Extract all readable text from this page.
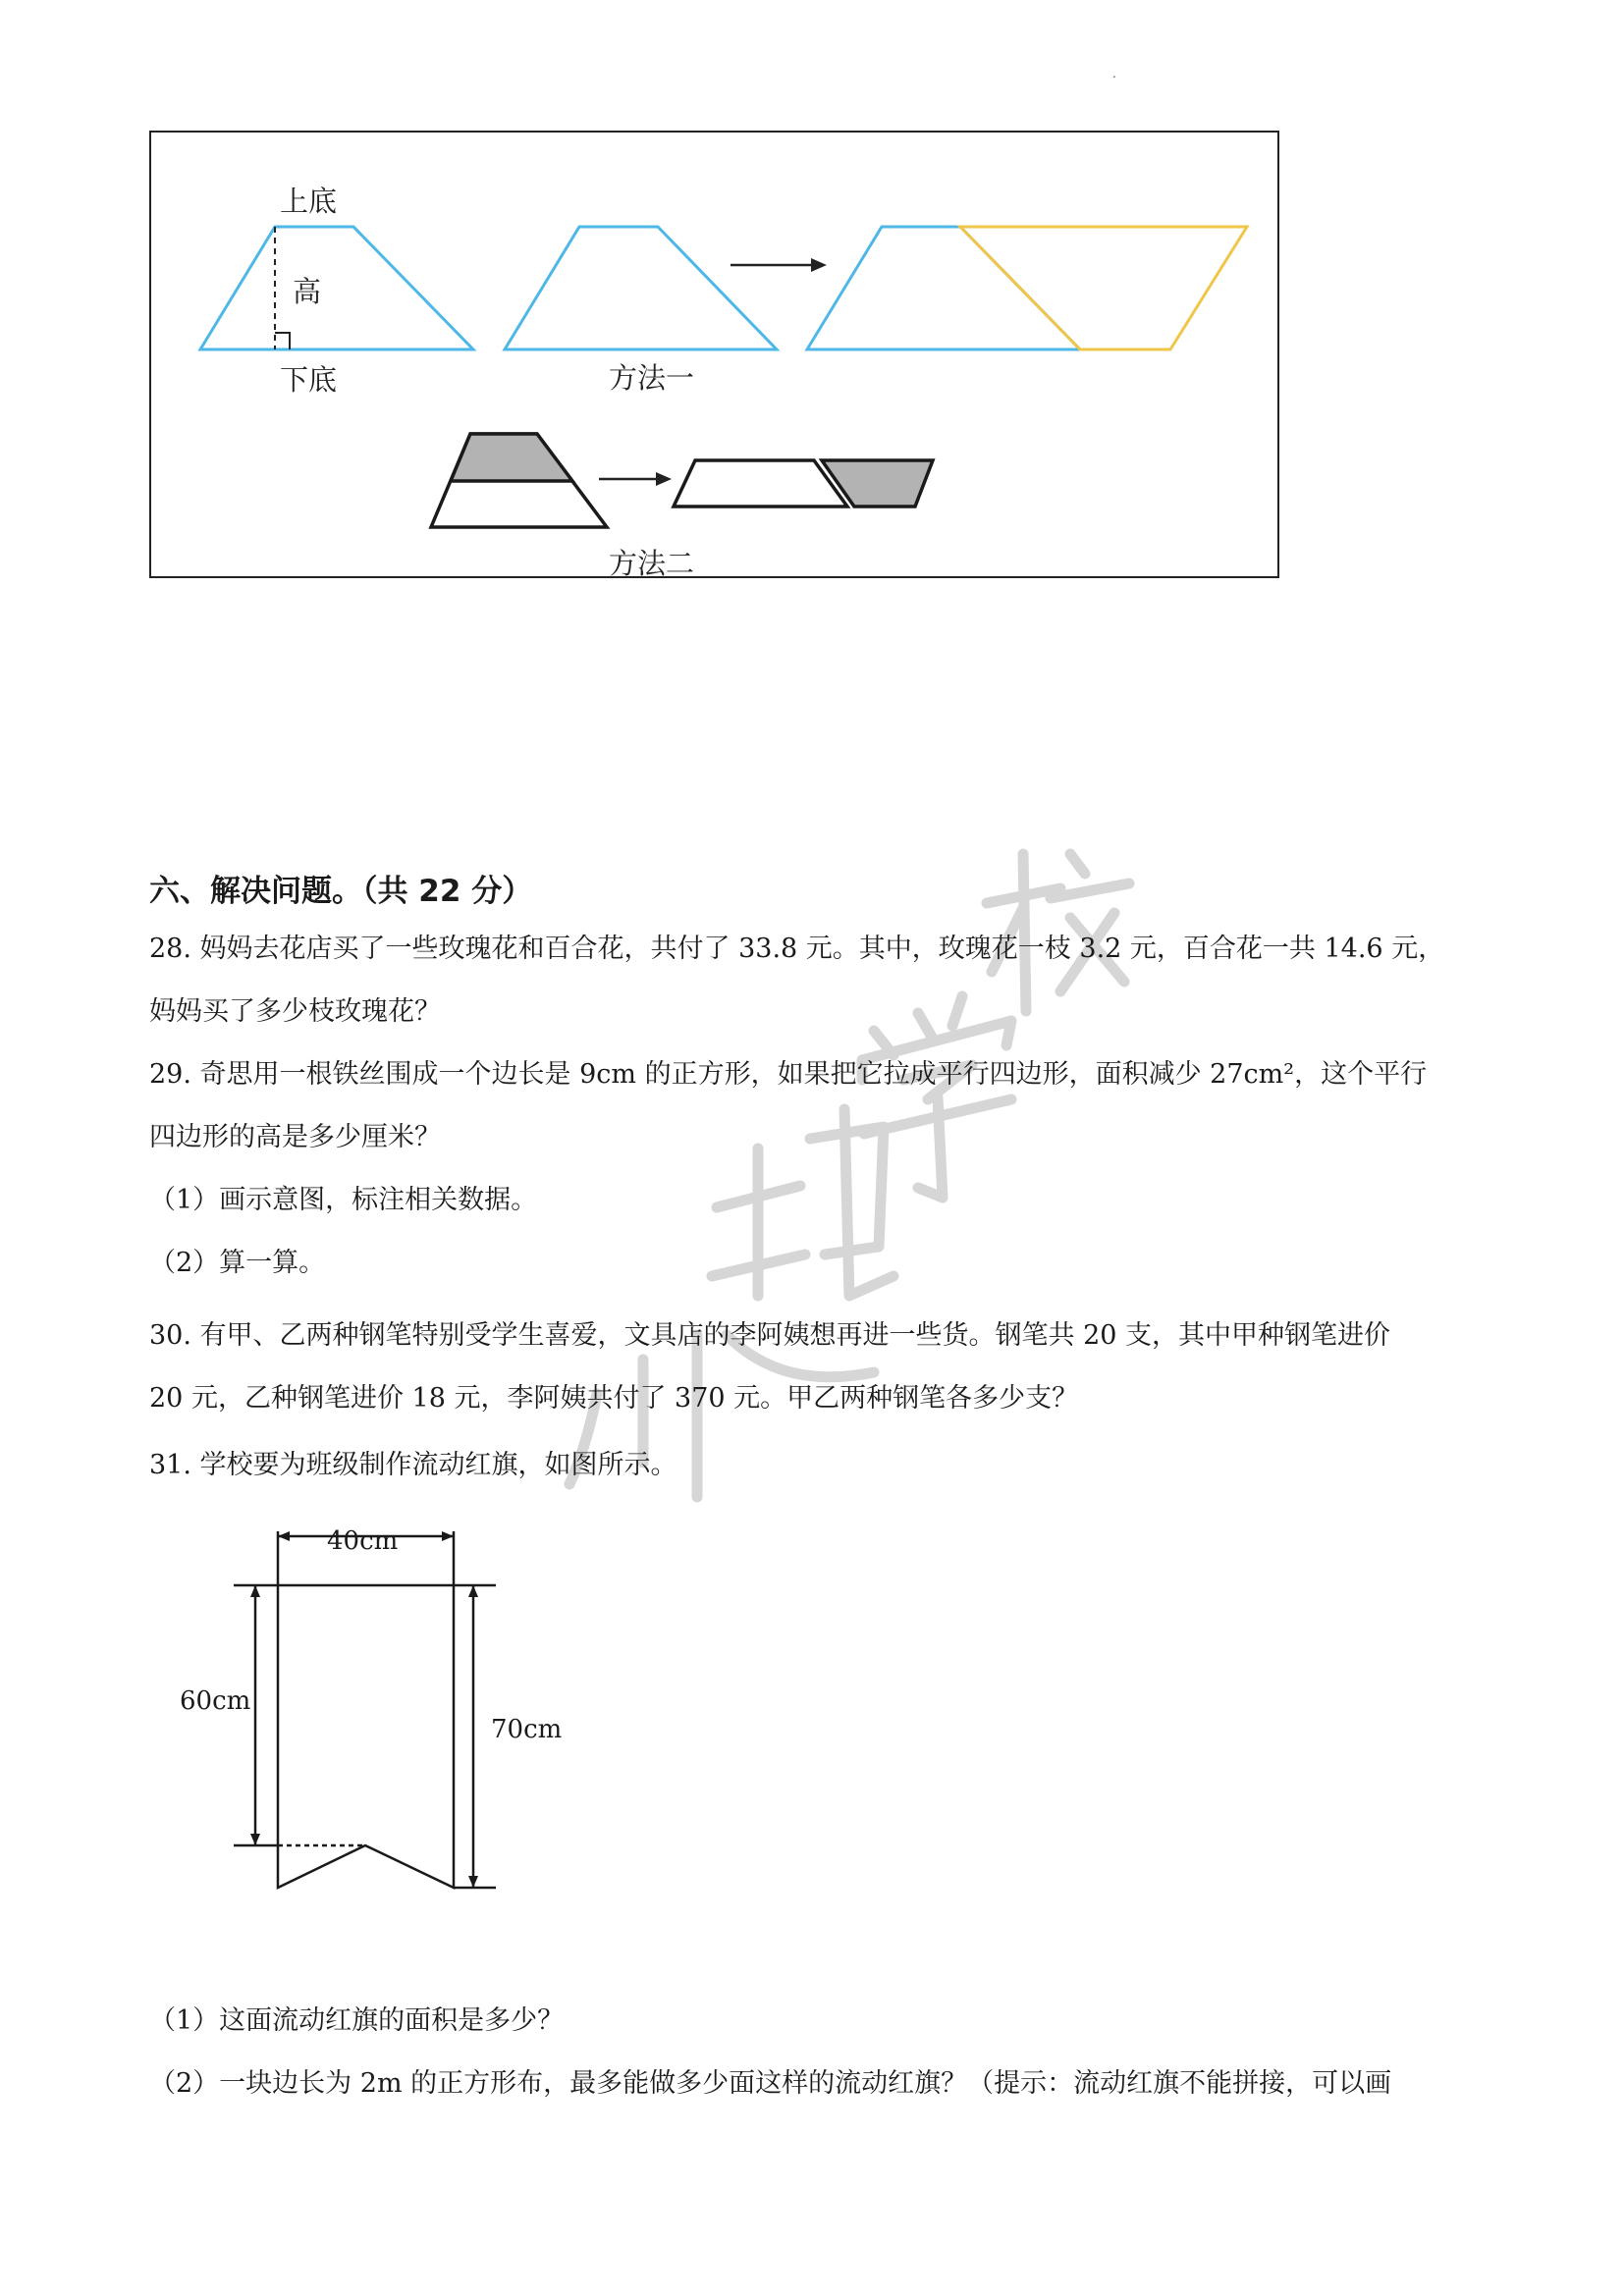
.
上底
高
下底	方法一
方法二
六、解决问题。（共 22 分）
28. 妈妈去花店买了一些玫瑰花和百合花，共付了 33.8 元。其中，玫瑰花一枝 3.2 元，百合花一共 14.6 元，
妈妈买了多少枝玫瑰花？
29. 奇思用一根铁丝围成一个边长是 9cm 的正方形，如果把它拉成平行四边形，面积减少 27cm²，这个平行
四边形的高是多少厘米？
（1）画示意图，标注相关数据。
（2）算一算。
30. 有甲、乙两种钢笔特别受学生喜爱，文具店的李阿姨想再进一些货。钢笔共 20 支，其中甲种钢笔进价
20 元，乙种钢笔进价 18 元，李阿姨共付了 370 元。甲乙两种钢笔各多少支？
31. 学校要为班级制作流动红旗，如图所示。
40cm
60cm
70cm
（1）这面流动红旗的面积是多少？
（2）一块边长为 2m 的正方形布，最多能做多少面这样的流动红旗？（提示：流动红旗不能拼接，可以画
